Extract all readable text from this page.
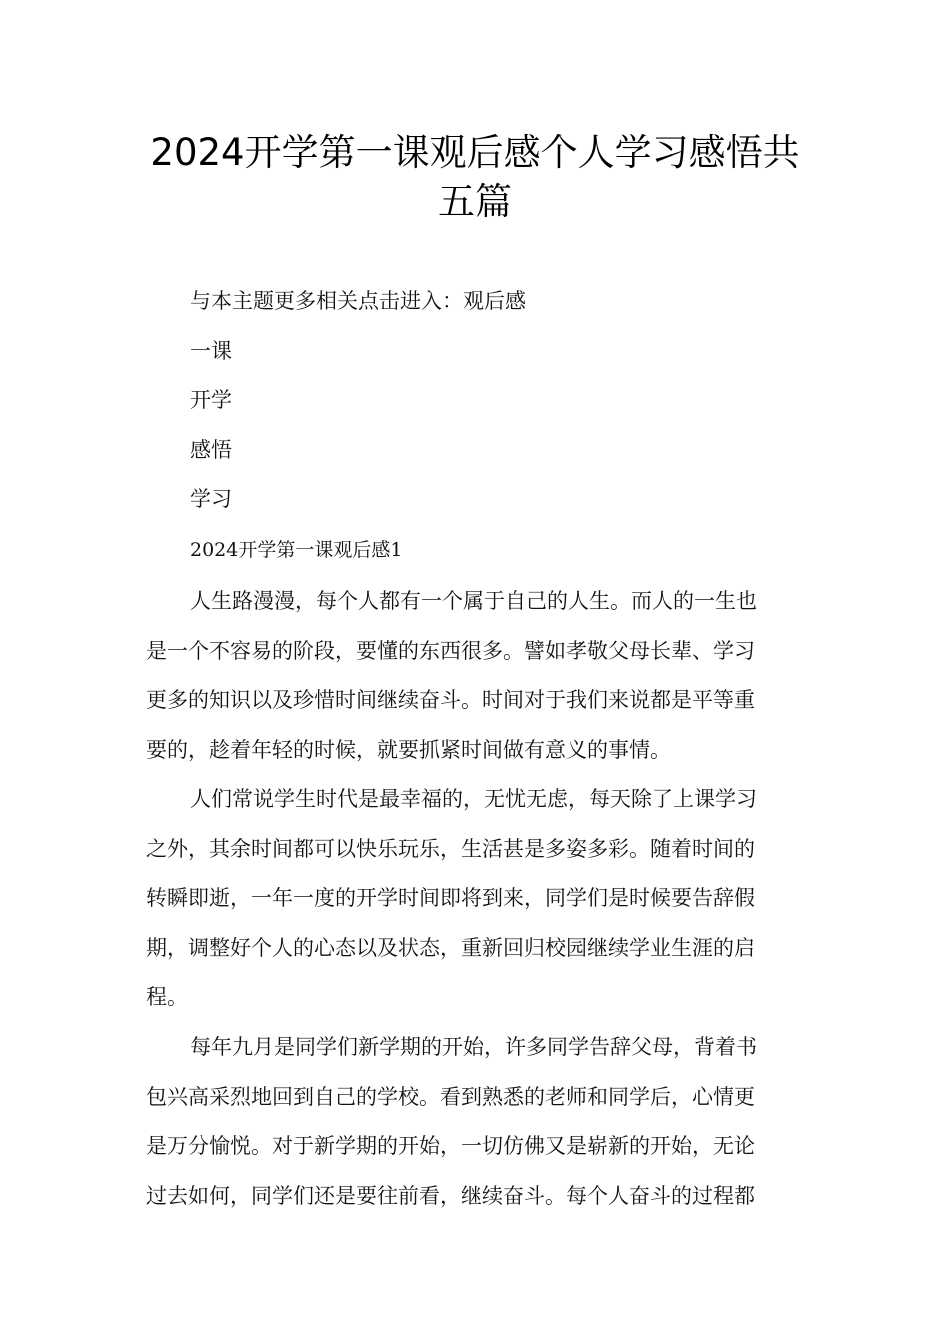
2024开学第一课观后感个人学习感悟共
五篇

与本主题更多相关点击进入：观后感

一课

开学

感悟

学习

2024开学第一课观后感1

人生路漫漫，每个人都有一个属于自己的人生。而人的一生也
是一个不容易的阶段，要懂的东西很多。譬如孝敬父母长辈、学习
更多的知识以及珍惜时间继续奋斗。时间对于我们来说都是平等重
要的，趁着年轻的时候，就要抓紧时间做有意义的事情。
人们常说学生时代是最幸福的，无忧无虑，每天除了上课学习
之外，其余时间都可以快乐玩乐，生活甚是多姿多彩。随着时间的
转瞬即逝，一年一度的开学时间即将到来，同学们是时候要告辞假
期，调整好个人的心态以及状态，重新回归校园继续学业生涯的启
程。
每年九月是同学们新学期的开始，许多同学告辞父母，背着书
包兴高采烈地回到自己的学校。看到熟悉的老师和同学后，心情更
是万分愉悦。对于新学期的开始，一切仿佛又是崭新的开始，无论
过去如何，同学们还是要往前看，继续奋斗。每个人奋斗的过程都
